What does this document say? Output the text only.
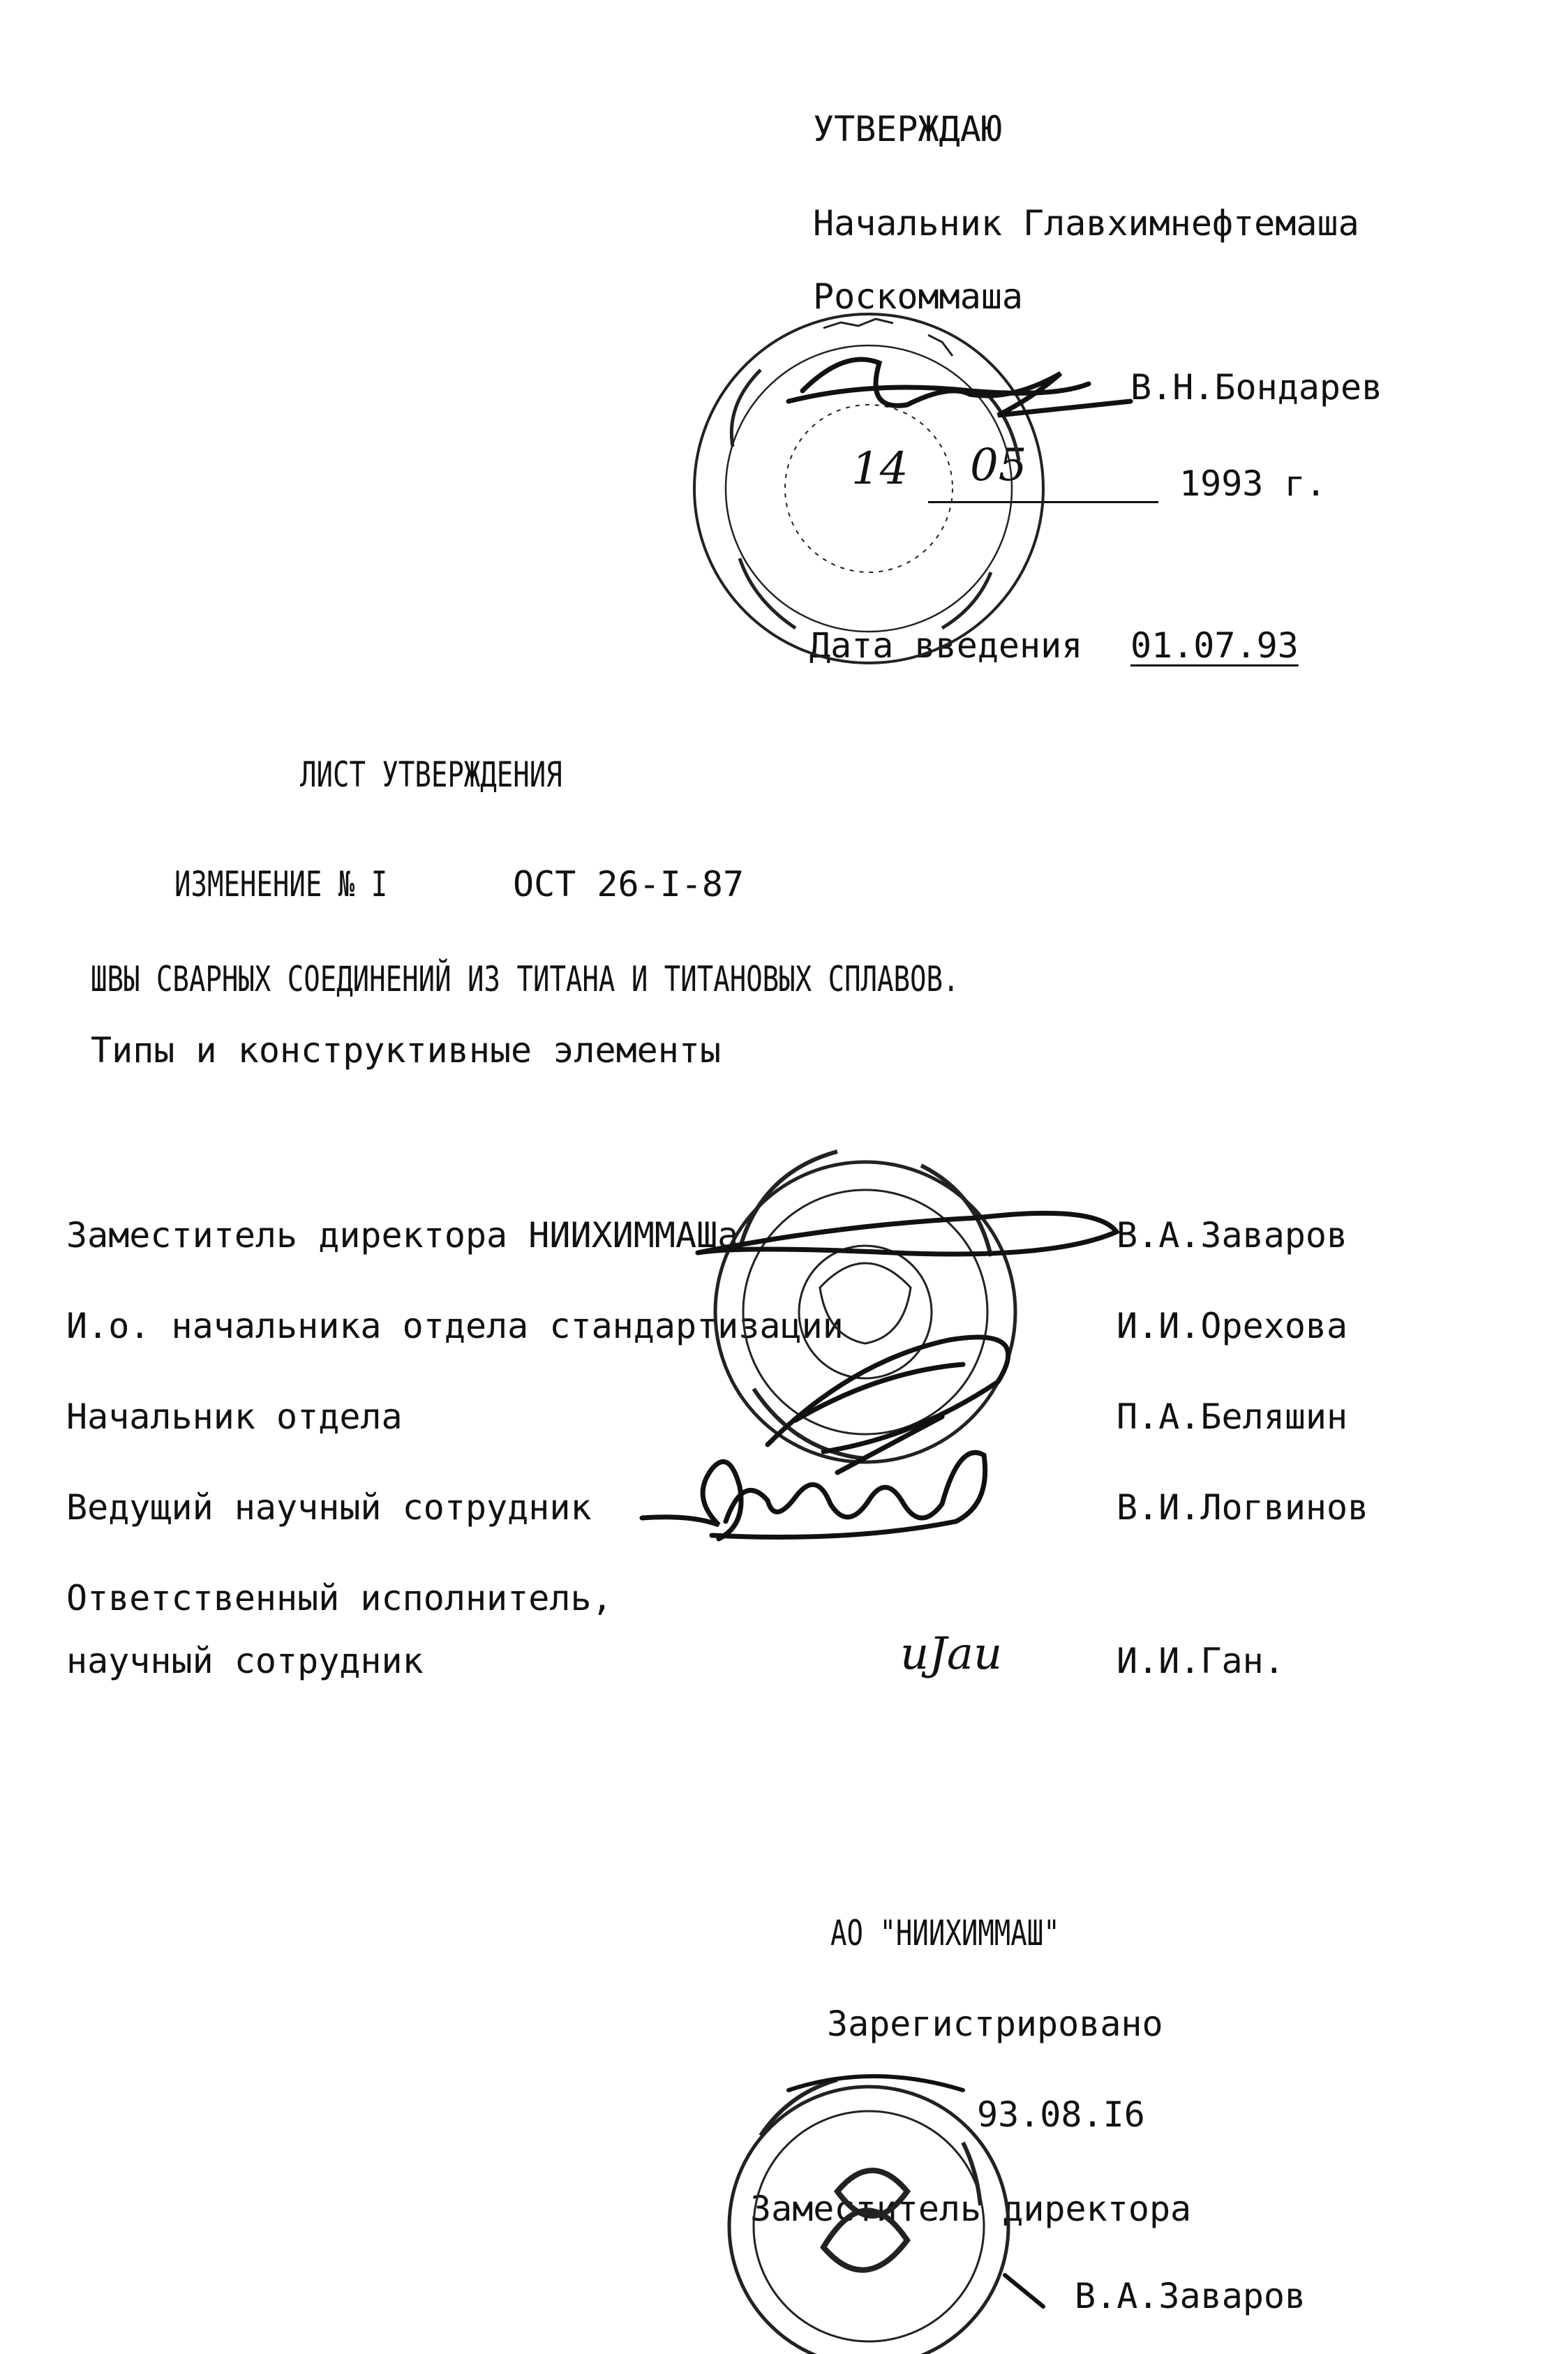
УТВЕРЖДАЮ
Начальник Главхимнефтемаша
Роскоммаша
В.Н.Бондарев
14 05	1993 г.
Дата введения 01.07.93
ЛИСТ УТВЕРЖДЕНИЯ
ИЗМЕНЕНИЕ № I	ОСТ 26-I-87
ШВЫ СВАРНЫХ СОЕДИНЕНИЙ ИЗ ТИТАНА И ТИТАНОВЫХ СПЛАВОВ.
Типы и конструктивные элементы
Заместитель директора НИИХИММАШа	В.А.Заваров
И.о. начальника отдела стандартизации	И.И.Орехова
Начальник отдела	П.А.Беляшин
Ведущий научный сотрудник	В.И.Логвинов
Ответственный исполнитель,
научный сотрудник	uJau	И.И.Ган.
АО "НИИХИММАШ"
Зарегистрировано
93.08.I6
Заместитель директора
В.А.Заваров
